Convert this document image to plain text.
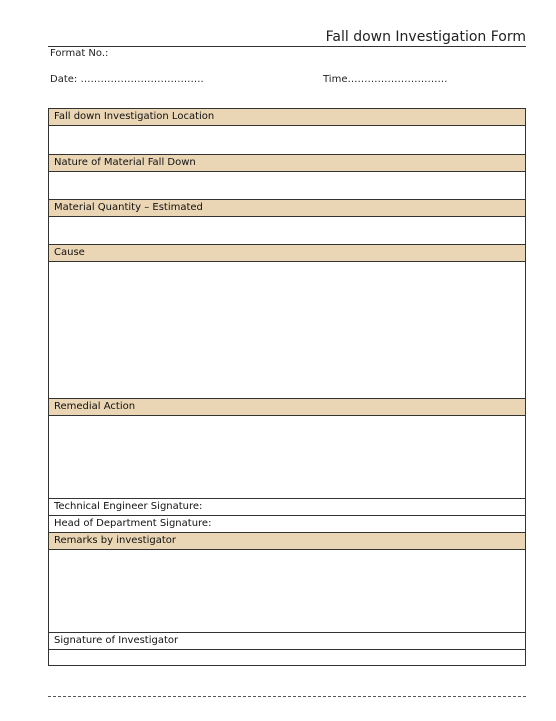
Fall down Investigation Form
Format No.:
Date: ……………………………….	Time…………………………
Fall down Investigation Location
Nature of Material Fall Down
Material Quantity – Estimated
Cause
Remedial Action
Technical Engineer Signature:
Head of Department Signature:
Remarks by investigator
Signature of Investigator
